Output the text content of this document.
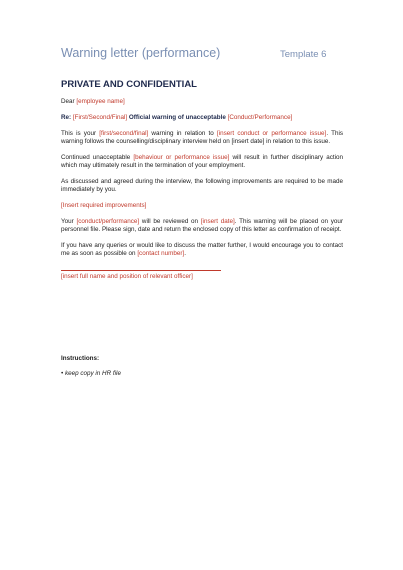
Warning letter (performance)	Template 6
PRIVATE AND CONFIDENTIAL

Dear [employee name]

Re: [First/Second/Final] Official warning of unacceptable [Conduct/Performance]

This is your [first/second/final] warning in relation to [insert conduct or performance issue]. This warning follows the counselling/disciplinary interview held on [insert date] in relation to this issue.

Continued unacceptable [behaviour or performance issue] will result in further disciplinary action which may ultimately result in the termination of your employment.

As discussed and agreed during the interview, the following improvements are required to be made immediately by you.

[Insert required improvements]

Your [conduct/performance] will be reviewed on [insert date]. This warning will be placed on your personnel file. Please sign, date and return the enclosed copy of this letter as confirmation of receipt.

If you have any queries or would like to discuss the matter further, I would encourage you to contact me as soon as possible on [contact number].

[insert full name and position of relevant officer]

Instructions:
• keep copy in HR file
